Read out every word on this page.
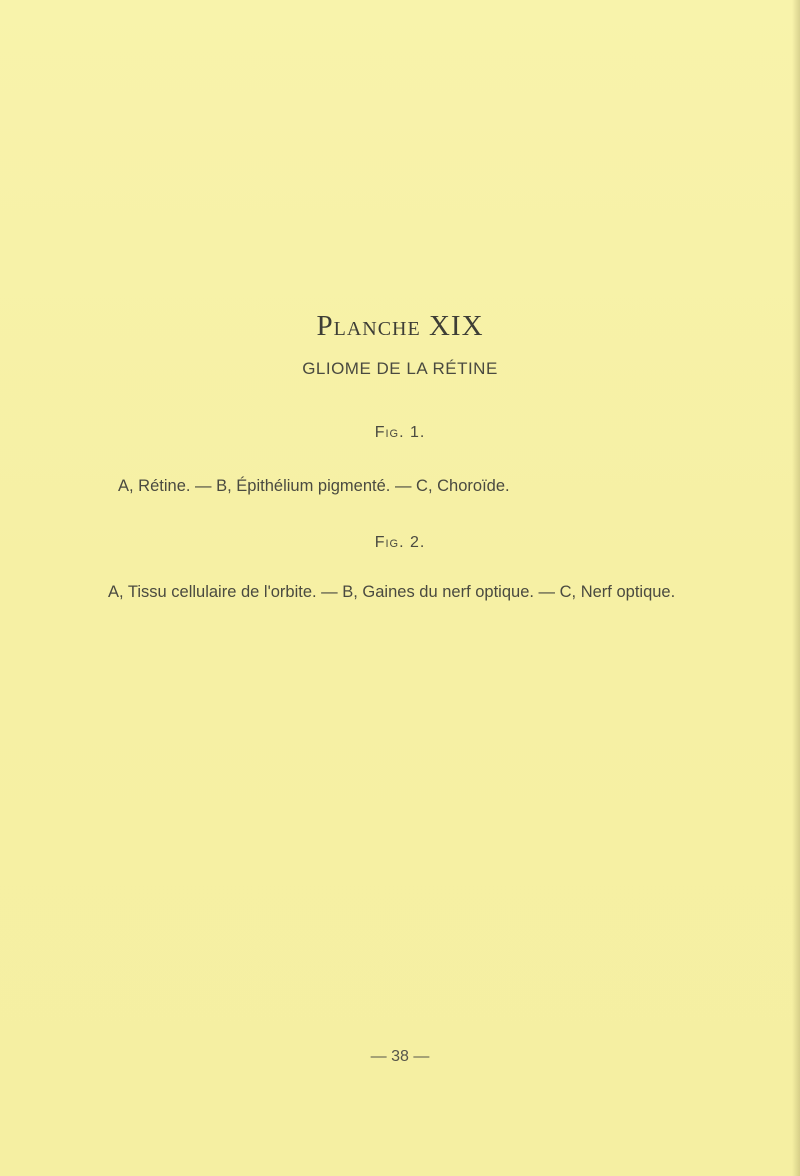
Planche XIX
GLIOME DE LA RÉTINE
Fig. 1.
A, Rétine. — B, Épithélium pigmenté. — C, Choroïde.
Fig. 2.
A, Tissu cellulaire de l'orbite. — B, Gaines du nerf optique. — C, Nerf optique.
— 38 —
